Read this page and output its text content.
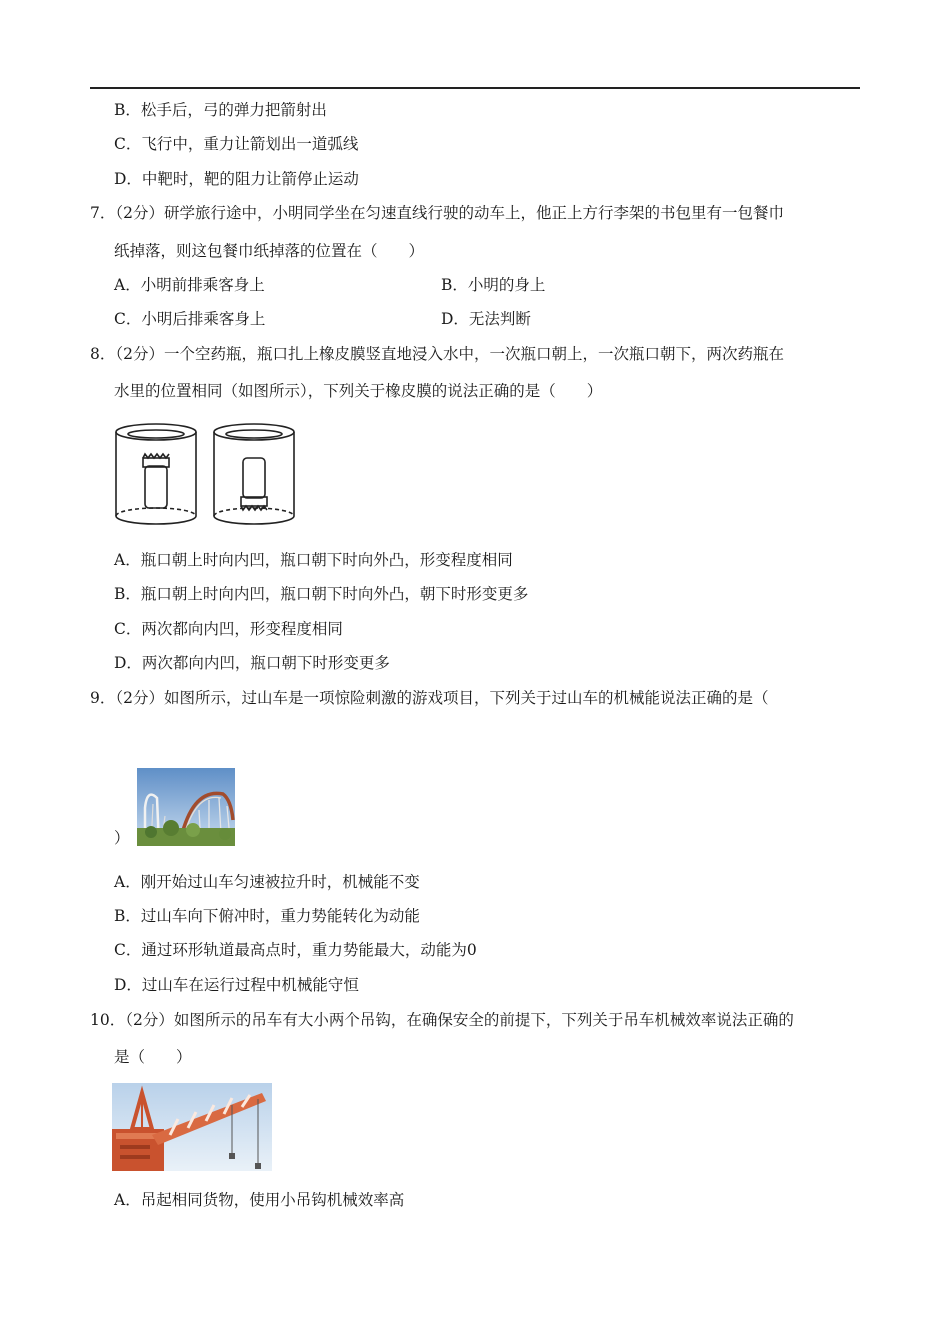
B．松手后，弓的弹力把箭射出
C．飞行中，重力让箭划出一道弧线
D．中靶时，靶的阻力让箭停止运动
7．（2分）研学旅行途中，小明同学坐在匀速直线行驶的动车上，他正上方行李架的书包里有一包餐巾
纸掉落，则这包餐巾纸掉落的位置在（　　）
A．小明前排乘客身上	B．小明的身上
C．小明后排乘客身上	D．无法判断
8．（2分）一个空药瓶，瓶口扎上橡皮膜竖直地浸入水中，一次瓶口朝上，一次瓶口朝下，两次药瓶在
水里的位置相同（如图所示），下列关于橡皮膜的说法正确的是（　　）
A．瓶口朝上时向内凹，瓶口朝下时向外凸，形变程度相同
B．瓶口朝上时向内凹，瓶口朝下时向外凸，朝下时形变更多
C．两次都向内凹，形变程度相同
D．两次都向内凹，瓶口朝下时形变更多
9．（2分）如图所示，过山车是一项惊险刺激的游戏项目，下列关于过山车的机械能说法正确的是（
）
A．刚开始过山车匀速被拉升时，机械能不变
B．过山车向下俯冲时，重力势能转化为动能
C．通过环形轨道最高点时，重力势能最大，动能为0
D．过山车在运行过程中机械能守恒
10．（2分）如图所示的吊车有大小两个吊钩，在确保安全的前提下，下列关于吊车机械效率说法正确的
是（　　）
A．吊起相同货物，使用小吊钩机械效率高
